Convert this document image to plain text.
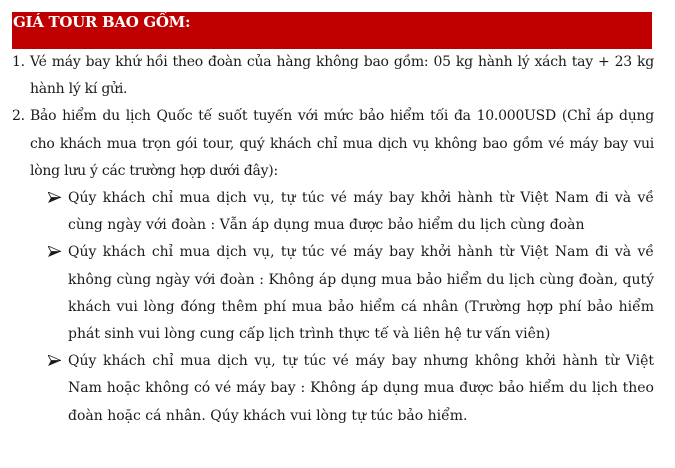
GIÁ TOUR BAO GỒM:
1. Vé máy bay khứ hồi theo đoàn của hàng không bao gồm: 05 kg hành lý xách tay + 23 kg hành lý kí gửi.
2. Bảo hiểm du lịch Quốc tế suốt tuyến với mức bảo hiểm tối đa 10.000USD (Chỉ áp dụng cho khách mua trọn gói tour, quý khách chỉ mua dịch vụ không bao gồm vé máy bay vui lòng lưu ý các trường hợp dưới đây):
Qúy khách chỉ mua dịch vụ, tự túc vé máy bay khởi hành từ Việt Nam đi và về cùng ngày với đoàn : Vẫn áp dụng mua được bảo hiểm du lịch cùng đoàn
Qúy khách chỉ mua dịch vụ, tự túc vé máy bay khởi hành từ Việt Nam đi và về không cùng ngày với đoàn : Không áp dụng mua bảo hiểm du lịch cùng đoàn, qutý khách vui lòng đóng thêm phí mua bảo hiểm cá nhân (Trường hợp phí bảo hiểm phát sinh vui lòng cung cấp lịch trình thực tế và liên hệ tư vấn viên)
Qúy khách chỉ mua dịch vụ, tự túc vé máy bay nhưng không khởi hành từ Việt Nam hoặc không có vé máy bay : Không áp dụng mua được bảo hiểm du lịch theo đoàn hoặc cá nhân. Qúy khách vui lòng tự túc bảo hiểm.
